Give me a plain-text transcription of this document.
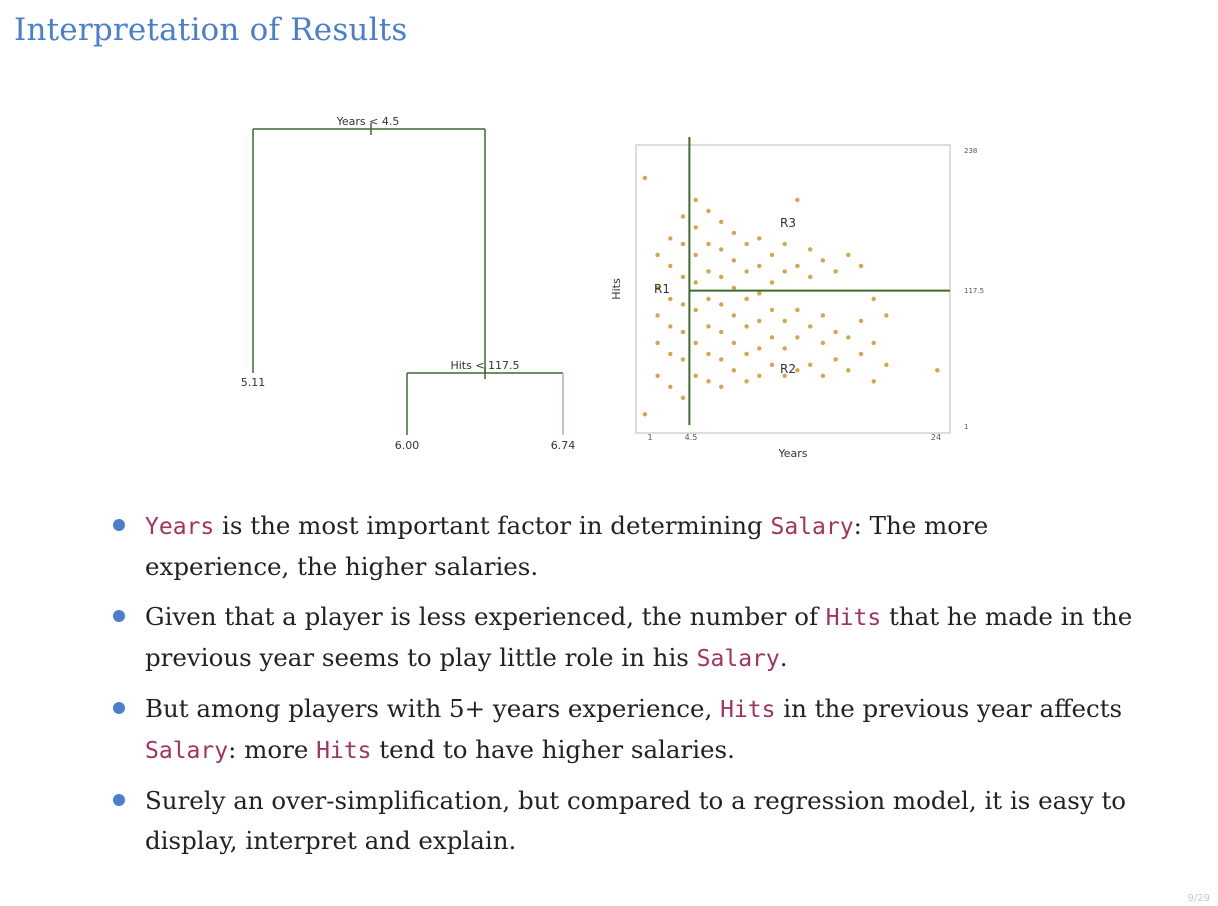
Interpretation of Results
Years < 4.5
Hits < 117.5
5.11
6.00	6.74
R1
R2
R3
1	4.5	24
238
117.5
1
Years
Hits
Years is the most important factor in determining Salary: The more experience, the higher salaries.
Given that a player is less experienced, the number of Hits that he made in the previous year seems to play little role in his Salary.
But among players with 5+ years experience, Hits in the previous year affects Salary: more Hits tend to have higher salaries.
Surely an over-simplification, but compared to a regression model, it is easy to display, interpret and explain.
9/29
